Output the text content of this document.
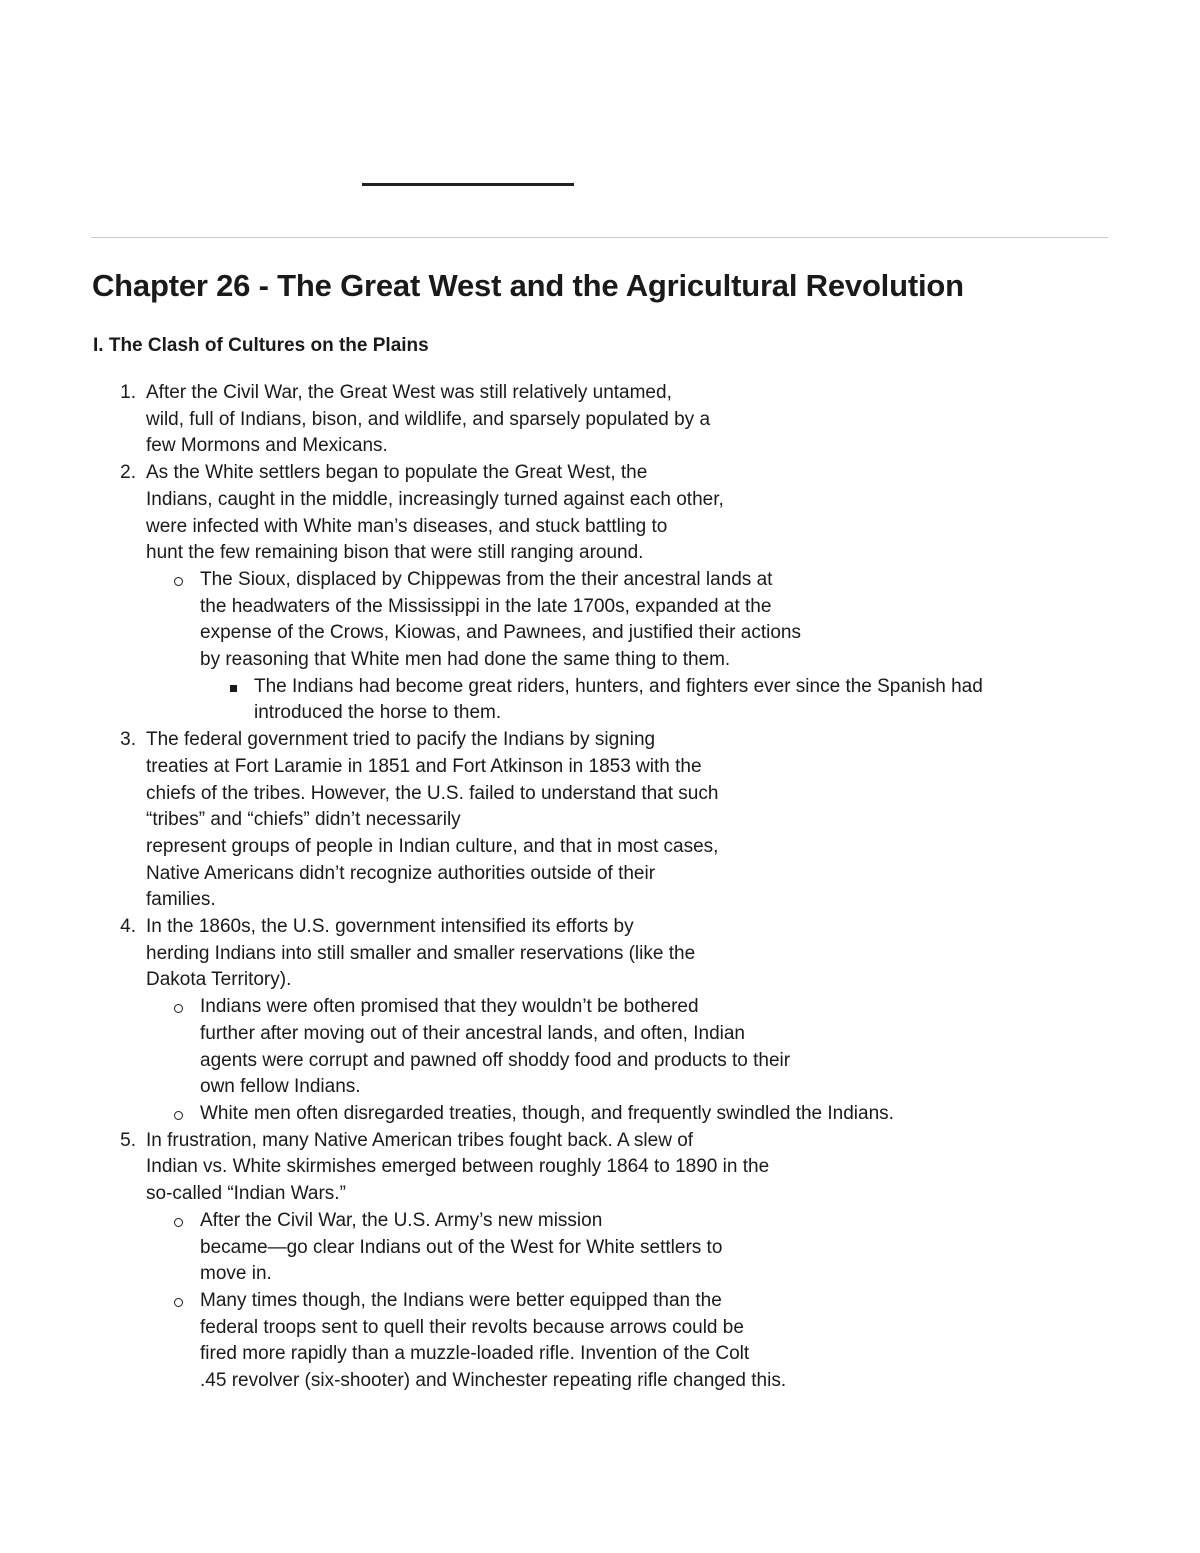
Chapter 26 - The Great West and the Agricultural Revolution
I. The Clash of Cultures on the Plains
1. After the Civil War, the Great West was still relatively untamed,
wild, full of Indians, bison, and wildlife, and sparsely populated by a
few Mormons and Mexicans.
2. As the White settlers began to populate the Great West, the
Indians, caught in the middle, increasingly turned against each other,
were infected with White man’s diseases, and stuck battling to
hunt the few remaining bison that were still ranging around.
The Sioux, displaced by Chippewas from the their ancestral lands at
the headwaters of the Mississippi in the late 1700s, expanded at the
expense of the Crows, Kiowas, and Pawnees, and justified their actions
by reasoning that White men had done the same thing to them.
The Indians had become great riders, hunters, and fighters ever since the Spanish had
introduced the horse to them.
3. The federal government tried to pacify the Indians by signing
treaties at Fort Laramie in 1851 and Fort Atkinson in 1853 with the
chiefs of the tribes. However, the U.S. failed to understand that such
“tribes” and “chiefs” didn’t necessarily
represent groups of people in Indian culture, and that in most cases,
Native Americans didn’t recognize authorities outside of their
families.
4. In the 1860s, the U.S. government intensified its efforts by
herding Indians into still smaller and smaller reservations (like the
Dakota Territory).
Indians were often promised that they wouldn’t be bothered
further after moving out of their ancestral lands, and often, Indian
agents were corrupt and pawned off shoddy food and products to their
own fellow Indians.
White men often disregarded treaties, though, and frequently swindled the Indians.
5. In frustration, many Native American tribes fought back. A slew of
Indian vs. White skirmishes emerged between roughly 1864 to 1890 in the
so-called “Indian Wars.”
After the Civil War, the U.S. Army’s new mission
became—go clear Indians out of the West for White settlers to
move in.
Many times though, the Indians were better equipped than the
federal troops sent to quell their revolts because arrows could be
fired more rapidly than a muzzle-loaded rifle. Invention of the Colt
.45 revolver (six-shooter) and Winchester repeating rifle changed this.
